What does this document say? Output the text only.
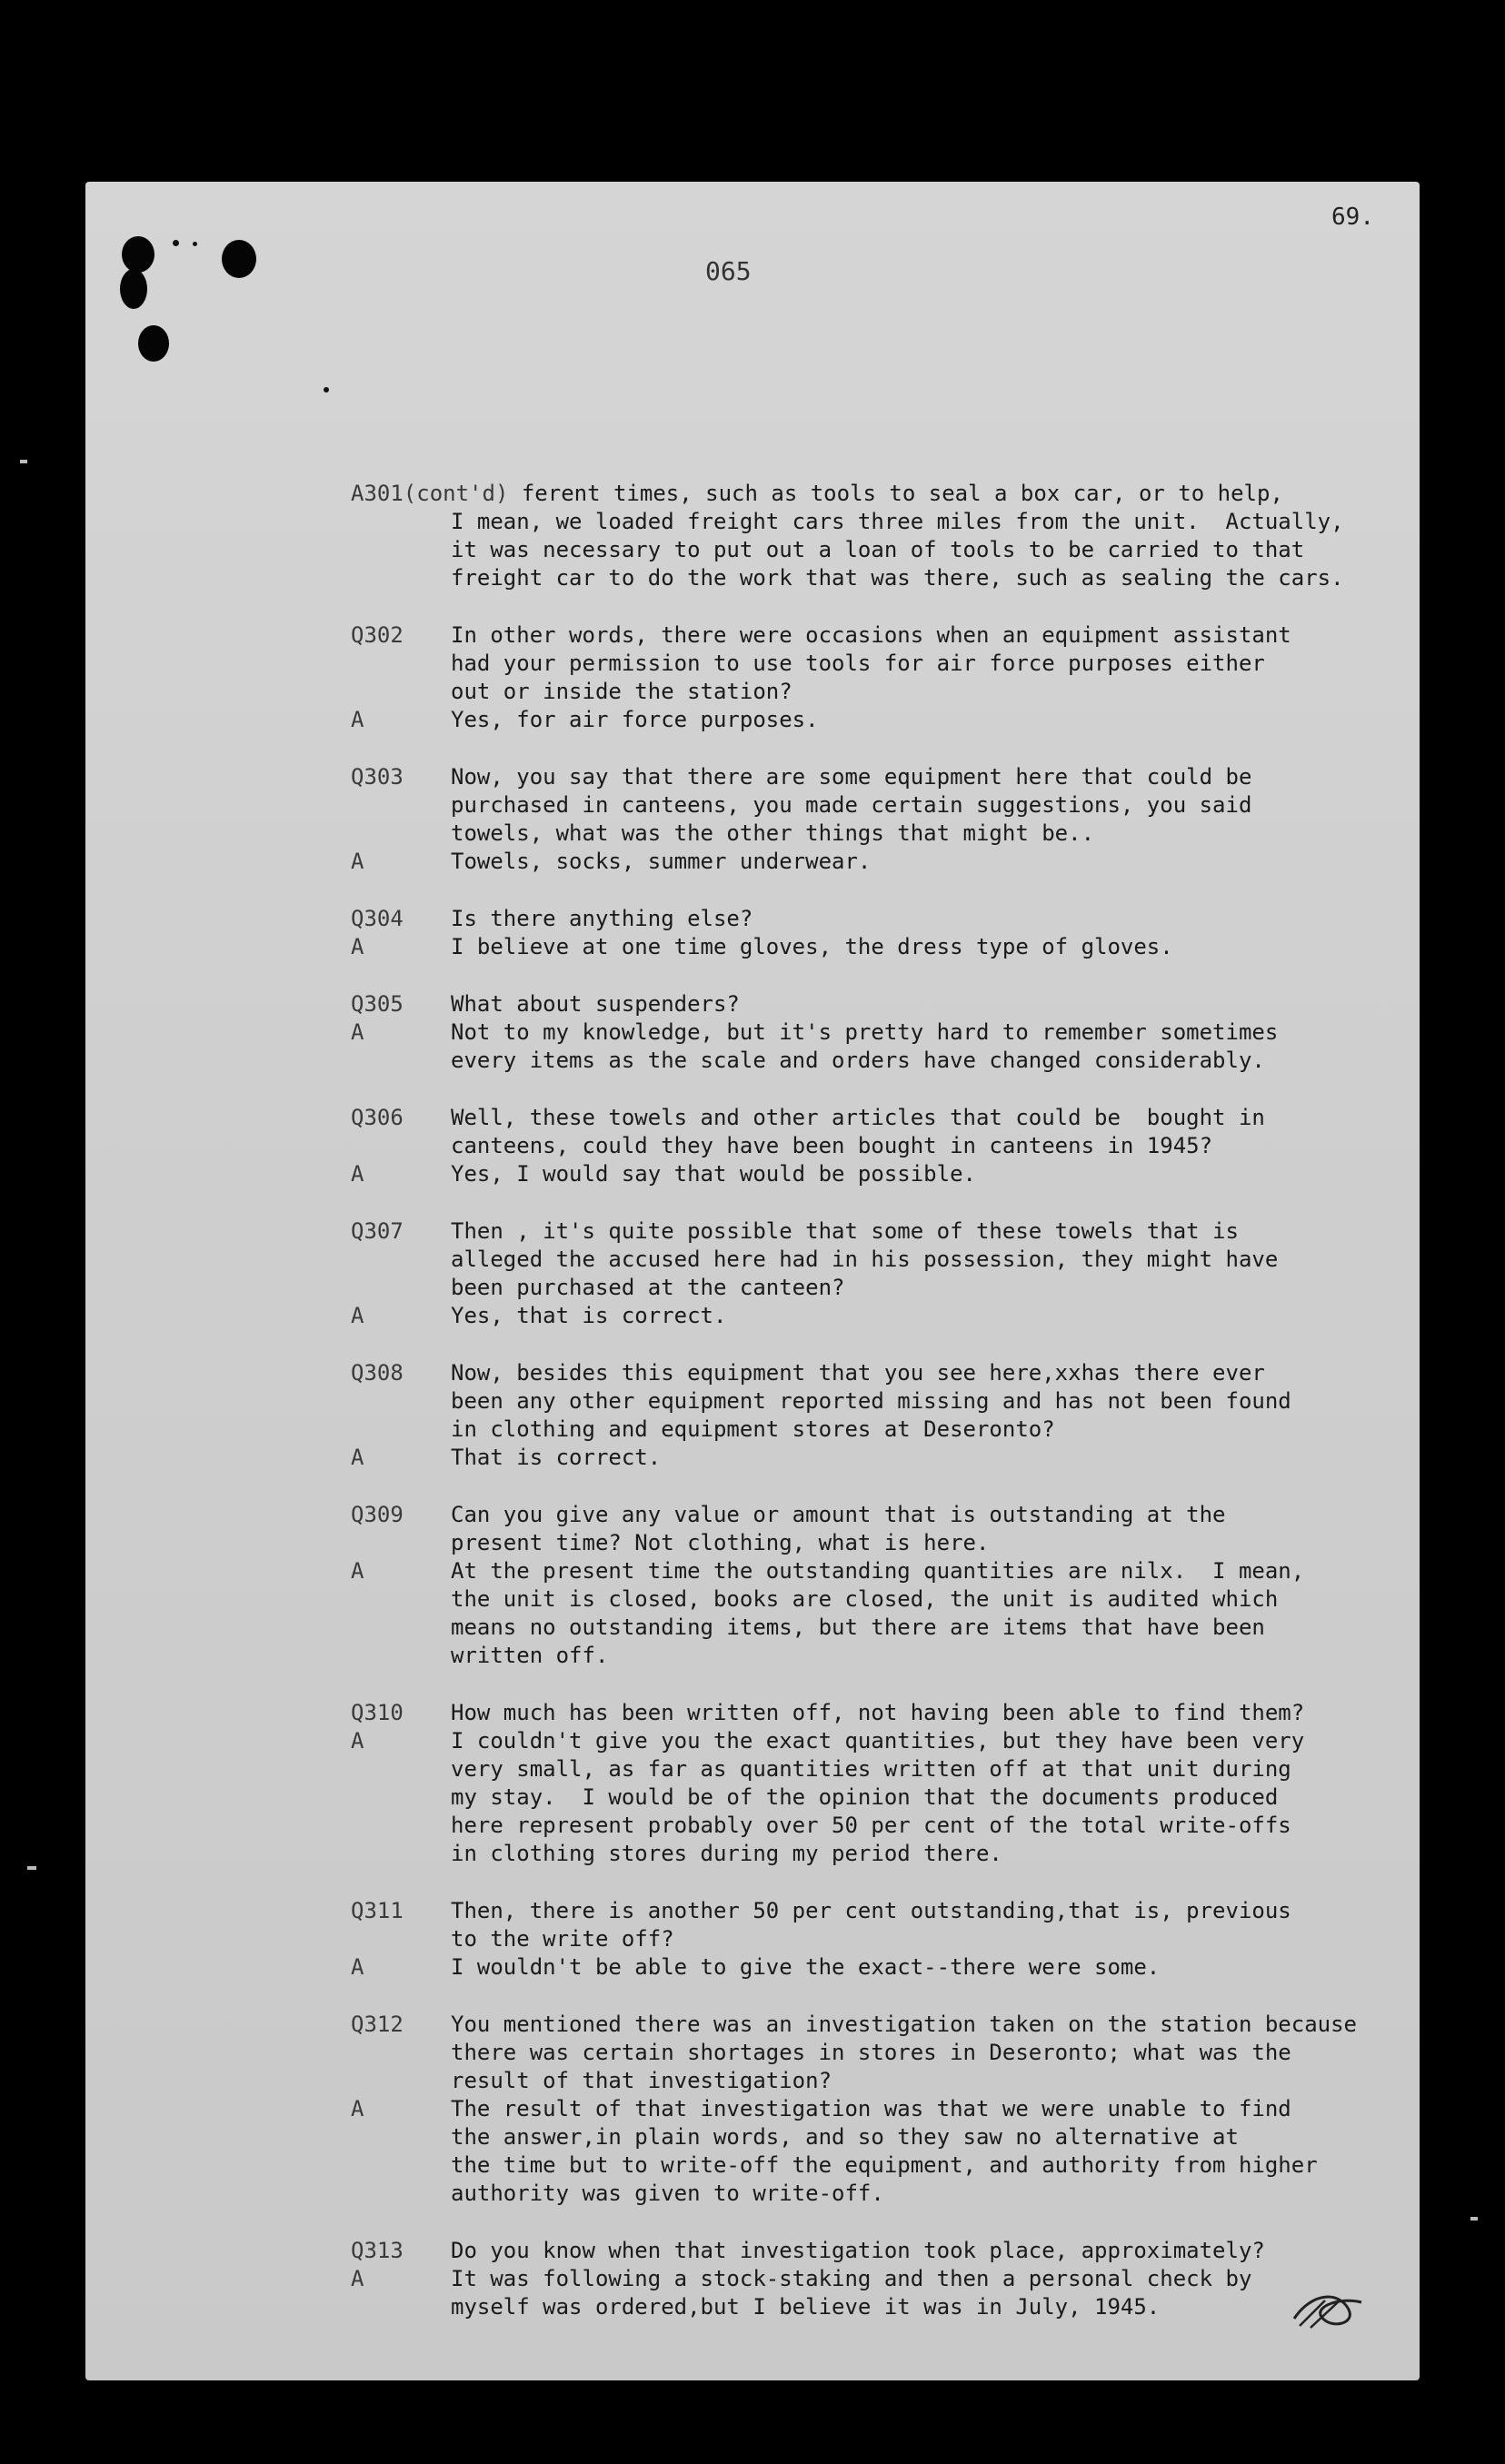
69.
065
A301(cont'd) ferent times, such as tools to seal a box car, or to help,
I mean, we loaded freight cars three miles from the unit.  Actually,
it was necessary to put out a loan of tools to be carried to that
freight car to do the work that was there, such as sealing the cars.
Q302	In other words, there were occasions when an equipment assistant
had your permission to use tools for air force purposes either
out or inside the station?
A	Yes, for air force purposes.
Q303	Now, you say that there are some equipment here that could be
purchased in canteens, you made certain suggestions, you said
towels, what was the other things that might be..
A	Towels, socks, summer underwear.
Q304	Is there anything else?
A	I believe at one time gloves, the dress type of gloves.
Q305	What about suspenders?
A	Not to my knowledge, but it's pretty hard to remember sometimes
every items as the scale and orders have changed considerably.
Q306	Well, these towels and other articles that could be  bought in
canteens, could they have been bought in canteens in 1945?
A	Yes, I would say that would be possible.
Q307	Then , it's quite possible that some of these towels that is
alleged the accused here had in his possession, they might have
been purchased at the canteen?
A	Yes, that is correct.
Q308	Now, besides this equipment that you see here,xxhas there ever
been any other equipment reported missing and has not been found
in clothing and equipment stores at Deseronto?
A	That is correct.
Q309	Can you give any value or amount that is outstanding at the
present time? Not clothing, what is here.
A	At the present time the outstanding quantities are nilx.  I mean,
the unit is closed, books are closed, the unit is audited which
means no outstanding items, but there are items that have been
written off.
Q310	How much has been written off, not having been able to find them?
A	I couldn't give you the exact quantities, but they have been very
very small, as far as quantities written off at that unit during
my stay.  I would be of the opinion that the documents produced
here represent probably over 50 per cent of the total write-offs
in clothing stores during my period there.
Q311	Then, there is another 50 per cent outstanding,that is, previous
to the write off?
A	I wouldn't be able to give the exact--there were some.
Q312	You mentioned there was an investigation taken on the station because
there was certain shortages in stores in Deseronto; what was the
result of that investigation?
A	The result of that investigation was that we were unable to find
the answer,in plain words, and so they saw no alternative at
the time but to write-off the equipment, and authority from higher
authority was given to write-off.
Q313	Do you know when that investigation took place, approximately?
A	It was following a stock-staking and then a personal check by
myself was ordered,but I believe it was in July, 1945.
